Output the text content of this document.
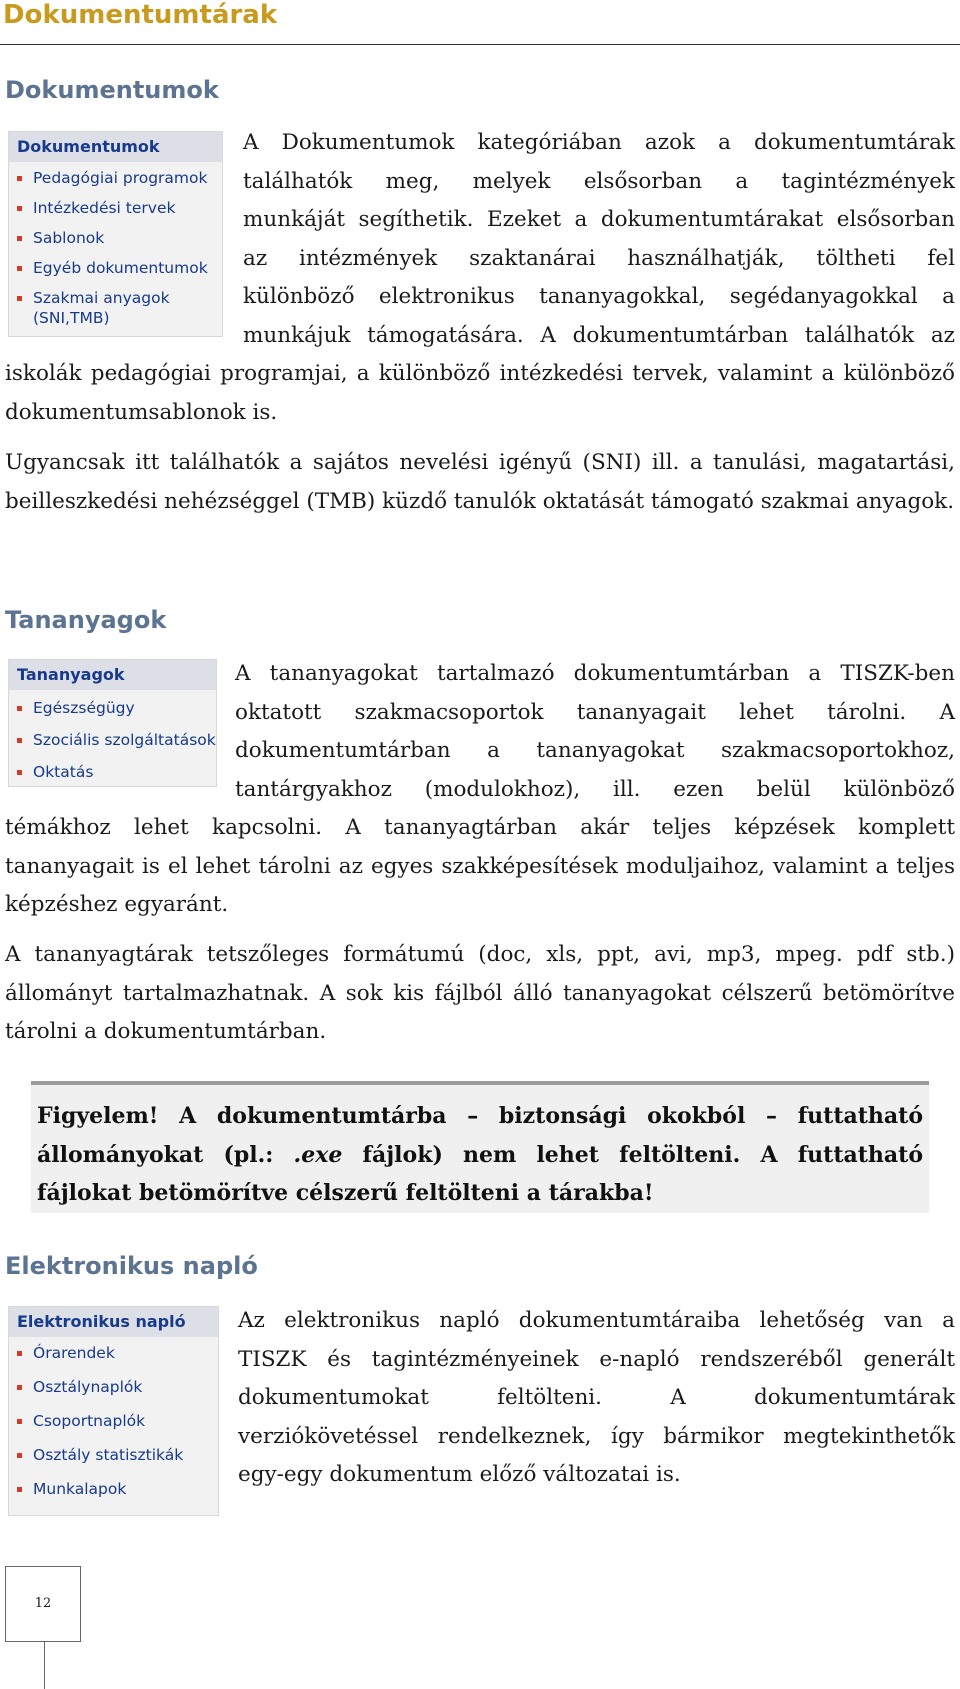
Dokumentumtárak
Dokumentumok
Dokumentumok
Pedagógiai programok
Intézkedési tervek
Sablonok
Egyéb dokumentumok
Szakmai anyagok (SNI,TMB)
A Dokumentumok kategóriában azok a dokumentumtárak
találhatók meg, melyek elsősorban a tagintézmények
munkáját segíthetik. Ezeket a dokumentumtárakat elsősorban
az intézmények szaktanárai használhatják, töltheti fel
különböző elektronikus tananyagokkal, segédanyagokkal a
munkájuk támogatására. A dokumentumtárban találhatók az

iskolák pedagógiai programjai, a különböző intézkedési tervek, valamint a különböző dokumentumsablonok is.

Ugyancsak itt találhatók a sajátos nevelési igényű (SNI) ill. a tanulási, magatartási, beilleszkedési nehézséggel (TMB) küzdő tanulók oktatását támogató szakmai anyagok.

Tananyagok
Tananyagok
Egészségügy
Szociális szolgáltatások
Oktatás
A tananyagokat tartalmazó dokumentumtárban a TISZK-ben
oktatott szakmacsoportok tananyagait lehet tárolni. A
dokumentumtárban a tananyagokat szakmacsoportokhoz,
tantárgyakhoz (modulokhoz), ill. ezen belül különböző

témákhoz lehet kapcsolni. A tananyagtárban akár teljes képzések komplett tananyagait is el lehet tárolni az egyes szakképesítések moduljaihoz, valamint a teljes képzéshez egyaránt.

A tananyagtárak tetszőleges formátumú (doc, xls, ppt, avi, mp3, mpeg. pdf stb.) állományt tartalmazhatnak. A sok kis fájlból álló tananyagokat célszerű betömörítve tárolni a dokumentumtárban.

Figyelem! A dokumentumtárba – biztonsági okokból – futtatható állományokat (pl.: .exe fájlok) nem lehet feltölteni. A futtatható fájlokat betömörítve célszerű feltölteni a tárakba!

Elektronikus napló
Elektronikus napló
Órarendek
Osztálynaplók
Csoportnaplók
Osztály statisztikák
Munkalapok
Az elektronikus napló dokumentumtáraiba lehetőség van a
TISZK és tagintézményeinek e-napló rendszeréből generált
dokumentumokat feltölteni. A dokumentumtárak
verziókövetéssel rendelkeznek, így bármikor megtekinthetők

egy-egy dokumentum előző változatai is.

12
